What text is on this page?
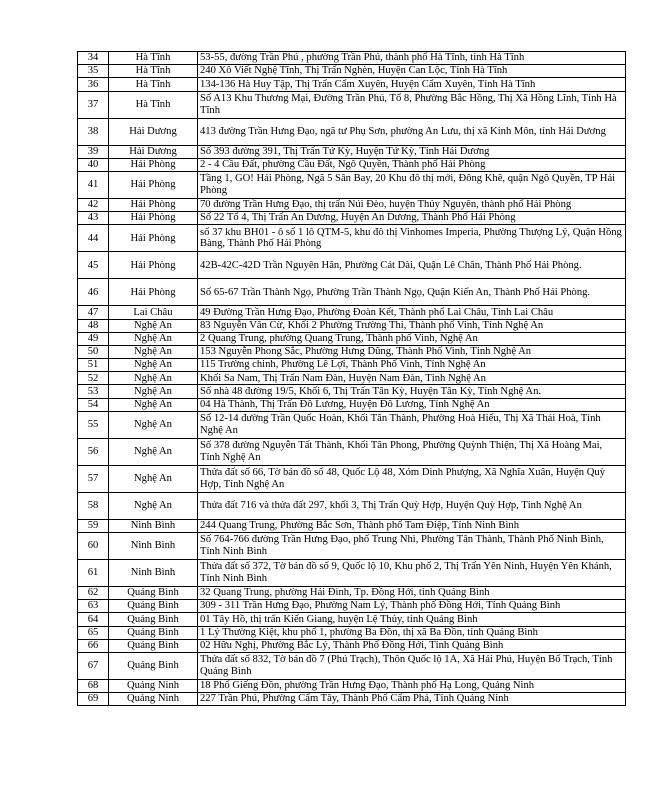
34	Hà Tĩnh	53-55, đường Trần Phú , phường Trần Phú, thành phố Hà Tĩnh, tỉnh Hà Tĩnh
35	Hà Tĩnh	240 Xô Viết Nghệ Tĩnh, Thị Trấn Nghèn, Huyện Can Lộc, Tỉnh Hà Tĩnh
36	Hà Tĩnh	134-136 Hà Huy Tập, Thị Trấn Cẩm Xuyên, Huyện Cẩm Xuyên, Tỉnh Hà Tĩnh
37	Hà Tĩnh	Số A13 Khu Thương Mại, Đường Trần Phú, Tổ 8, Phường Bắc Hồng, Thị Xã Hồng Lĩnh, Tỉnh Hà Tĩnh
38	Hải Dương	413 đường Trần Hưng Đạo, ngã tư Phụ Sơn, phường An Lưu, thị xã Kinh Môn, tỉnh Hải Dương
39	Hải Dương	Số 393 đường 391, Thị Trấn Tứ Kỳ, Huyện Tứ Kỳ, Tỉnh Hải Dương
40	Hải Phòng	2 - 4 Cầu Đất, phường Cầu Đất, Ngô Quyền, Thành phố Hải Phòng
41	Hải Phòng	Tầng 1, GO! Hải Phòng, Ngã 5 Sân Bay, 20 Khu đô thị mới, Đông Khê, quận Ngô Quyền, TP Hải Phòng
42	Hải Phòng	70 đường Trần Hưng Đạo, thị trấn Núi Đèo, huyện Thủy Nguyên, thành phố Hải Phòng
43	Hải Phòng	Số 22 Tổ 4, Thị Trấn An Dương, Huyện An Dương, Thành Phố Hải Phòng
44	Hải Phòng	số 37 khu BH01 - ô số 1 lô QTM-5, khu đô thị Vinhomes Imperia, Phường Thượng Lý, Quận Hồng Bàng, Thành Phố Hải Phòng
45	Hải Phòng	42B-42C-42D Trần Nguyên Hãn, Phường Cát Dài, Quận Lê Chân, Thành Phố Hải Phòng.
46	Hải Phòng	Số 65-67 Trần Thành Ngọ, Phường Trần Thành Ngọ, Quận Kiến An, Thành Phố Hải Phòng.
47	Lai Châu	49 Đường Trần Hưng Đạo, Phường Đoàn Kết, Thành phố Lai Châu, Tỉnh Lai Châu
48	Nghệ An	83 Nguyễn Văn Cừ, Khối 2 Phường Trường Thi, Thành phố Vinh, Tỉnh Nghệ An
49	Nghệ An	2 Quang Trung, phường Quang Trung, Thành phố Vinh, Nghệ An
50	Nghệ An	153 Nguyễn Phong Sắc, Phường Hưng Dũng, Thành Phố Vinh, Tỉnh Nghệ An
51	Nghệ An	115 Trường chinh, Phường Lê Lợi, Thành Phố Vinh, Tỉnh Nghệ An
52	Nghệ An	Khối Sa Nam, Thị Trấn Nam Đàn, Huyện Nam Đàn, Tỉnh Nghệ An
53	Nghệ An	Số nhà 48 đường 19/5, Khối 6, Thị Trấn Tân Kỳ, Huyện Tân Kỳ, Tỉnh Nghệ An.
54	Nghệ An	04 Hà Thành, Thị Trấn Đô Lương, Huyện Đô Lương, Tỉnh Nghệ An
55	Nghệ An	Số 12-14 đường Trần Quốc Hoàn, Khối Tân Thành, Phường Hoà Hiếu, Thị Xã Thái Hoà, Tỉnh Nghệ An
56	Nghệ An	Số 378 đường Nguyễn Tất Thành, Khối Tân Phong, Phường Quỳnh Thiện, Thị Xã Hoàng Mai, Tỉnh Nghệ An
57	Nghệ An	Thửa đất số 66, Tờ bản đồ số 48, Quốc Lộ 48, Xóm Dinh Phượng, Xã Nghĩa Xuân, Huyện Quỳ Hợp, Tỉnh Nghệ An
58	Nghệ An	Thửa đất 716 và thửa đất 297, khối 3, Thị Trấn Quỳ Hợp, Huyện Quỳ Hợp, Tỉnh Nghệ An
59	Ninh Bình	244 Quang Trung, Phường Bắc Sơn, Thành phố Tam Điệp, Tỉnh Ninh Bình
60	Ninh Bình	Số 764-766 đường Trần Hưng Đạo, phố Trung Nhì, Phường Tân Thành, Thành Phố Ninh Bình, Tỉnh Ninh Bình
61	Ninh Bình	Thửa đất số 372, Tờ bản đồ số 9, Quốc lộ 10, Khu phố 2, Thị Trấn Yên Ninh, Huyện Yên Khánh, Tỉnh Ninh Bình
62	Quảng Bình	32 Quang Trung, phường Hải Đình, Tp. Đồng Hới, tỉnh Quảng Bình
63	Quảng Bình	309 - 311 Trần Hưng Đạo, Phường Nam Lý, Thành phố Đồng Hới, Tỉnh Quảng Bình
64	Quảng Bình	01 Tây Hồ, thị trấn Kiến Giang, huyện Lệ Thủy, tỉnh Quảng Bình
65	Quảng Bình	1 Lý Thường Kiệt, khu phố 1, phường Ba Đồn, thị xã Ba Đồn, tỉnh Quảng Bình
66	Quảng Bình	02 Hữu Nghị, Phường Bắc Lý, Thành Phố Đồng Hới, Tỉnh Quảng Bình
67	Quảng Bình	Thửa đất số 832, Tờ bản đồ 7 (Phú Trạch), Thôn Quốc lộ 1A, Xã Hải Phú, Huyện Bố Trạch, Tỉnh Quảng Bình
68	Quảng Ninh	18 Phố Giếng Đồn, phường Trần Hưng Đạo, Thành phố Hạ Long, Quảng Ninh
69	Quảng Ninh	227 Trần Phú, Phường Cẩm Tây, Thành Phố Cẩm Phả, Tỉnh Quảng Ninh
